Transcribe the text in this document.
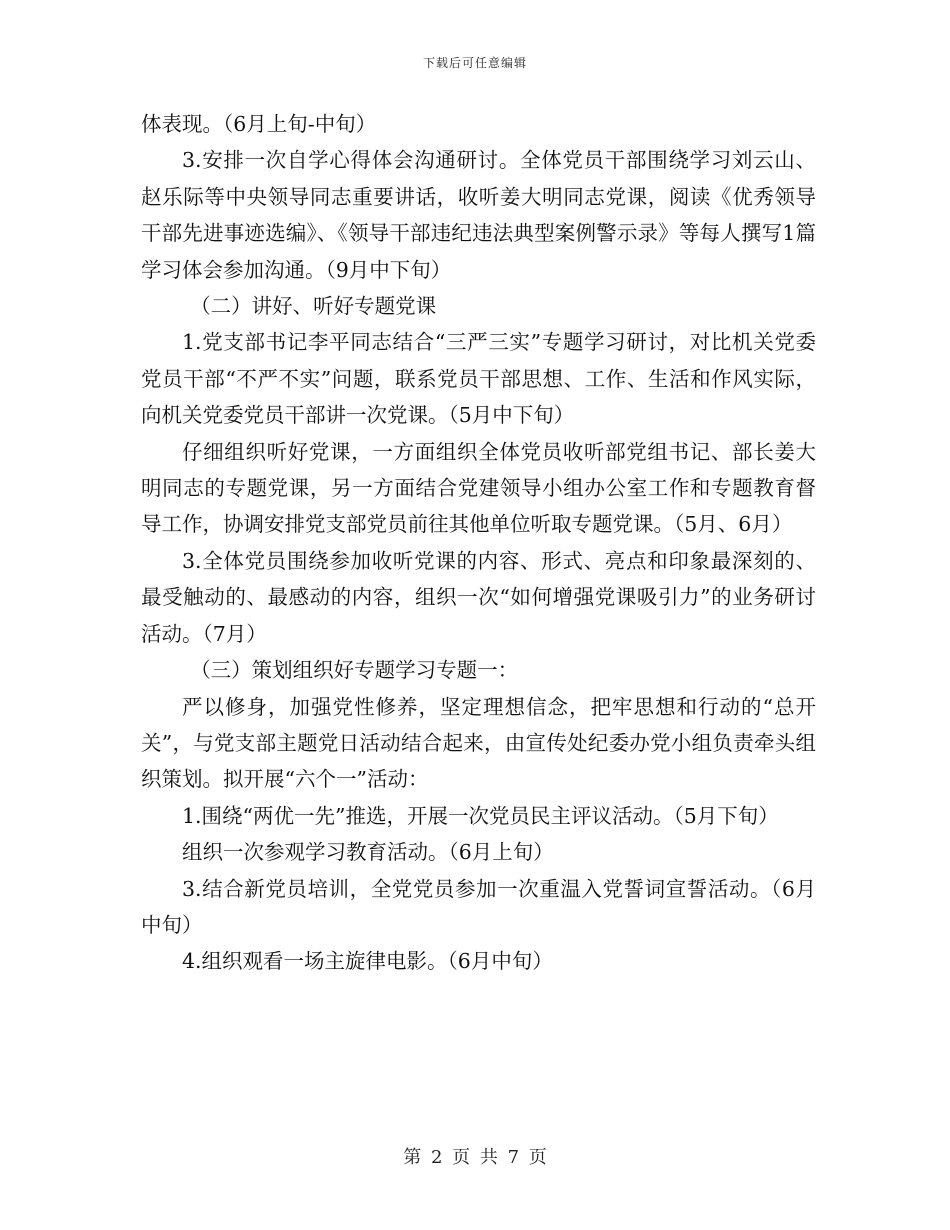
下载后可任意编辑

体表现。（6月上旬-中旬）

3.安排一次自学心得体会沟通研讨。全体党员干部围绕学习刘云山、赵乐际等中央领导同志重要讲话，收听姜大明同志党课，阅读《优秀领导干部先进事迹选编》、《领导干部违纪违法典型案例警示录》等每人撰写1篇学习体会参加沟通。（9月中下旬）

（二）讲好、听好专题党课

1.党支部书记李平同志结合“三严三实”专题学习研讨，对比机关党委党员干部“不严不实”问题，联系党员干部思想、工作、生活和作风实际，向机关党委党员干部讲一次党课。（5月中下旬）

仔细组织听好党课，一方面组织全体党员收听部党组书记、部长姜大明同志的专题党课，另一方面结合党建领导小组办公室工作和专题教育督导工作，协调安排党支部党员前往其他单位听取专题党课。（5月、6月）

3.全体党员围绕参加收听党课的内容、形式、亮点和印象最深刻的、最受触动的、最感动的内容，组织一次“如何增强党课吸引力”的业务研讨活动。（7月）

（三）策划组织好专题学习专题一：

严以修身，加强党性修养，坚定理想信念，把牢思想和行动的“总开关”，与党支部主题党日活动结合起来，由宣传处纪委办党小组负责牵头组织策划。拟开展“六个一”活动：

1.围绕“两优一先”推选，开展一次党员民主评议活动。（5月下旬）

组织一次参观学习教育活动。（6月上旬）

3.结合新党员培训，全党党员参加一次重温入党誓词宣誓活动。（6月中旬）

4.组织观看一场主旋律电影。（6月中旬）

第 2 页 共 7 页
